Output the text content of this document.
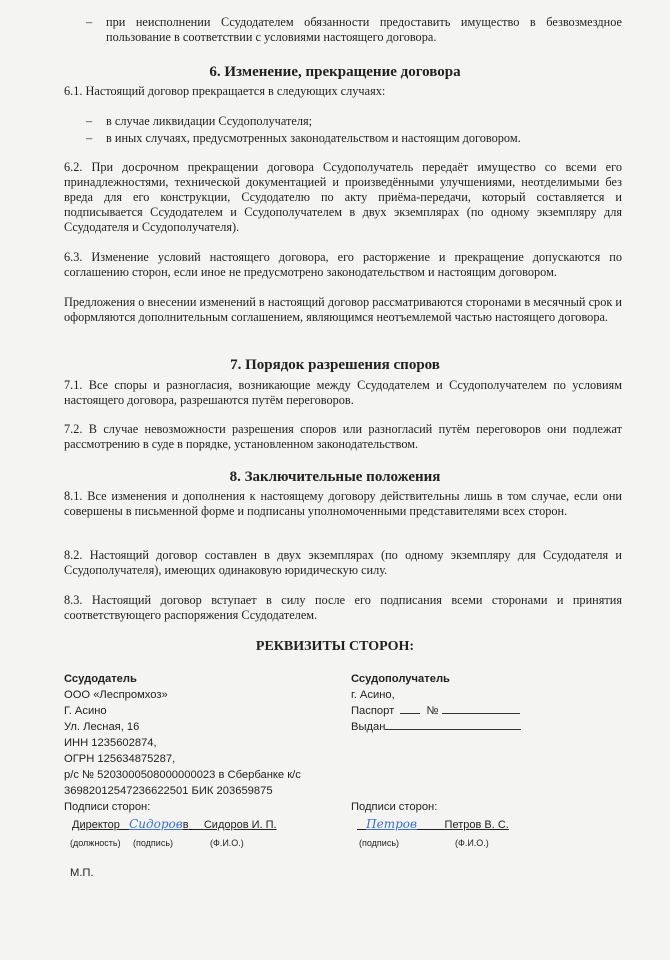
–	при неисполнении Ссудодателем обязанности предоставить имущество в безвозмездное пользование в соответствии с условиями настоящего договора.

6. Изменение, прекращение договора

6.1. Настоящий договор прекращается в следующих случаях:

–	в случае ликвидации Ссудополучателя;

–	в иных случаях, предусмотренных законодательством и настоящим договором.

6.2. При досрочном прекращении договора Ссудополучатель передаёт имущество со всеми его принадлежностями, технической документацией и произведёнными улучшениями, неотделимыми без вреда для его конструкции, Ссудодателю по акту приёма-передачи, который составляется и подписывается Ссудодателем и Ссудополучателем в двух экземплярах (по одному экземпляру для Ссудодателя и Ссудополучателя).

6.3. Изменение условий настоящего договора, его расторжение и прекращение допускаются по соглашению сторон, если иное не предусмотрено законодательством и настоящим договором.

Предложения о внесении изменений в настоящий договор рассматриваются сторонами в месячный срок и оформляются дополнительным соглашением, являющимся неотъемлемой частью настоящего договора.

7. Порядок разрешения споров

7.1. Все споры и разногласия, возникающие между Ссудодателем и Ссудополучателем по условиям настоящего договора, разрешаются путём переговоров.

7.2. В случае невозможности разрешения споров или разногласий путём переговоров они подлежат рассмотрению в суде в порядке, установленном законодательством.

8. Заключительные положения

8.1. Все изменения и дополнения к настоящему договору действительны лишь в том случае, если они совершены в письменной форме и подписаны уполномоченными представителями всех сторон.

8.2. Настоящий договор составлен в двух экземплярах (по одному экземпляру для Ссудодателя и Ссудополучателя), имеющих одинаковую юридическую силу.

8.3. Настоящий договор вступает в силу после его подписания всеми сторонами и принятия соответствующего распоряжения Ссудодателем.

РЕКВИЗИТЫ СТОРОН:
Ссудодатель
ООО «Леспромхоз»
Г. Асино
Ул. Лесная, 16
ИНН 1235602874,
ОГРН 125634875287,
р/с № 5203000508000000023 в Сбербанке к/с
36982012547236622501 БИК 203659875
Подписи сторон:
Ссудополучатель
г. Асино,
Паспорт	№
Выдан
Подписи сторон:
Директор Сидоровв Сидоров И. П.
(должность) (подпись)	(Ф.И.О.)
Петров	Петров В. С.
(подпись)	(Ф.И.О.)
М.П.
